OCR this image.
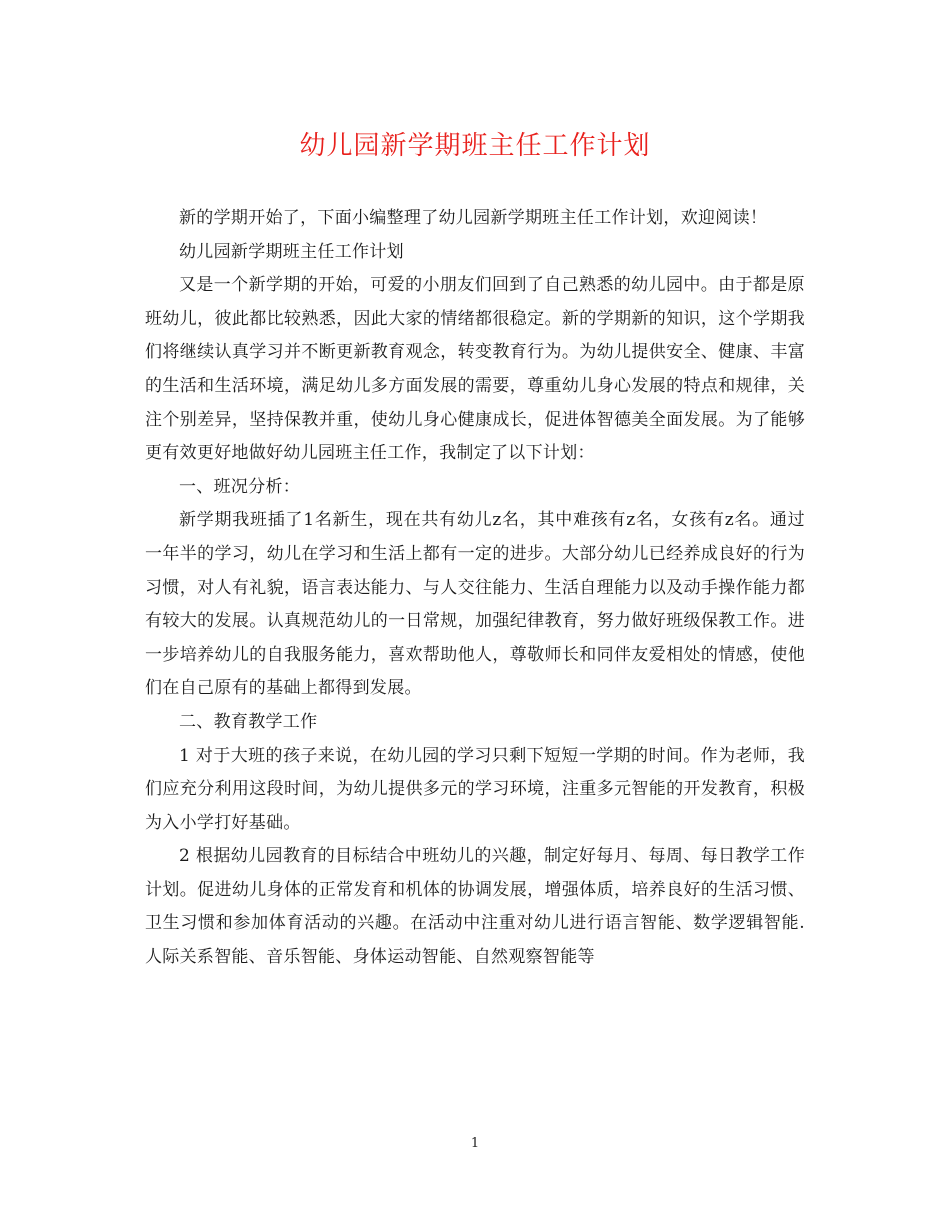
幼儿园新学期班主任工作计划

新的学期开始了，下面小编整理了幼儿园新学期班主任工作计划，欢迎阅读！

幼儿园新学期班主任工作计划

又是一个新学期的开始，可爱的小朋友们回到了自己熟悉的幼儿园中。由于都是原班幼儿，彼此都比较熟悉，因此大家的情绪都很稳定。新的学期新的知识，这个学期我们将继续认真学习并不断更新教育观念，转变教育行为。为幼儿提供安全、健康、丰富的生活和生活环境，满足幼儿多方面发展的需要，尊重幼儿身心发展的特点和规律，关注个别差异，坚持保教并重，使幼儿身心健康成长，促进体智德美全面发展。为了能够更有效更好地做好幼儿园班主任工作，我制定了以下计划：

一、班况分析：

新学期我班插了1名新生，现在共有幼儿z名，其中难孩有z名，女孩有z名。通过一年半的学习，幼儿在学习和生活上都有一定的进步。大部分幼儿已经养成良好的行为习惯，对人有礼貌，语言表达能力、与人交往能力、生活自理能力以及动手操作能力都有较大的发展。认真规范幼儿的一日常规，加强纪律教育，努力做好班级保教工作。进一步培养幼儿的自我服务能力，喜欢帮助他人，尊敬师长和同伴友爱相处的情感，使他们在自己原有的基础上都得到发展。

二、教育教学工作

1 对于大班的孩子来说，在幼儿园的学习只剩下短短一学期的时间。作为老师，我们应充分利用这段时间，为幼儿提供多元的学习环境，注重多元智能的开发教育，积极为入小学打好基础。

2 根据幼儿园教育的目标结合中班幼儿的兴趣，制定好每月、每周、每日教学工作计划。促进幼儿身体的正常发育和机体的协调发展，增强体质，培养良好的生活习惯、卫生习惯和参加体育活动的兴趣。在活动中注重对幼儿进行语言智能、数学逻辑智能.人际关系智能、音乐智能、身体运动智能、自然观察智能等

1
